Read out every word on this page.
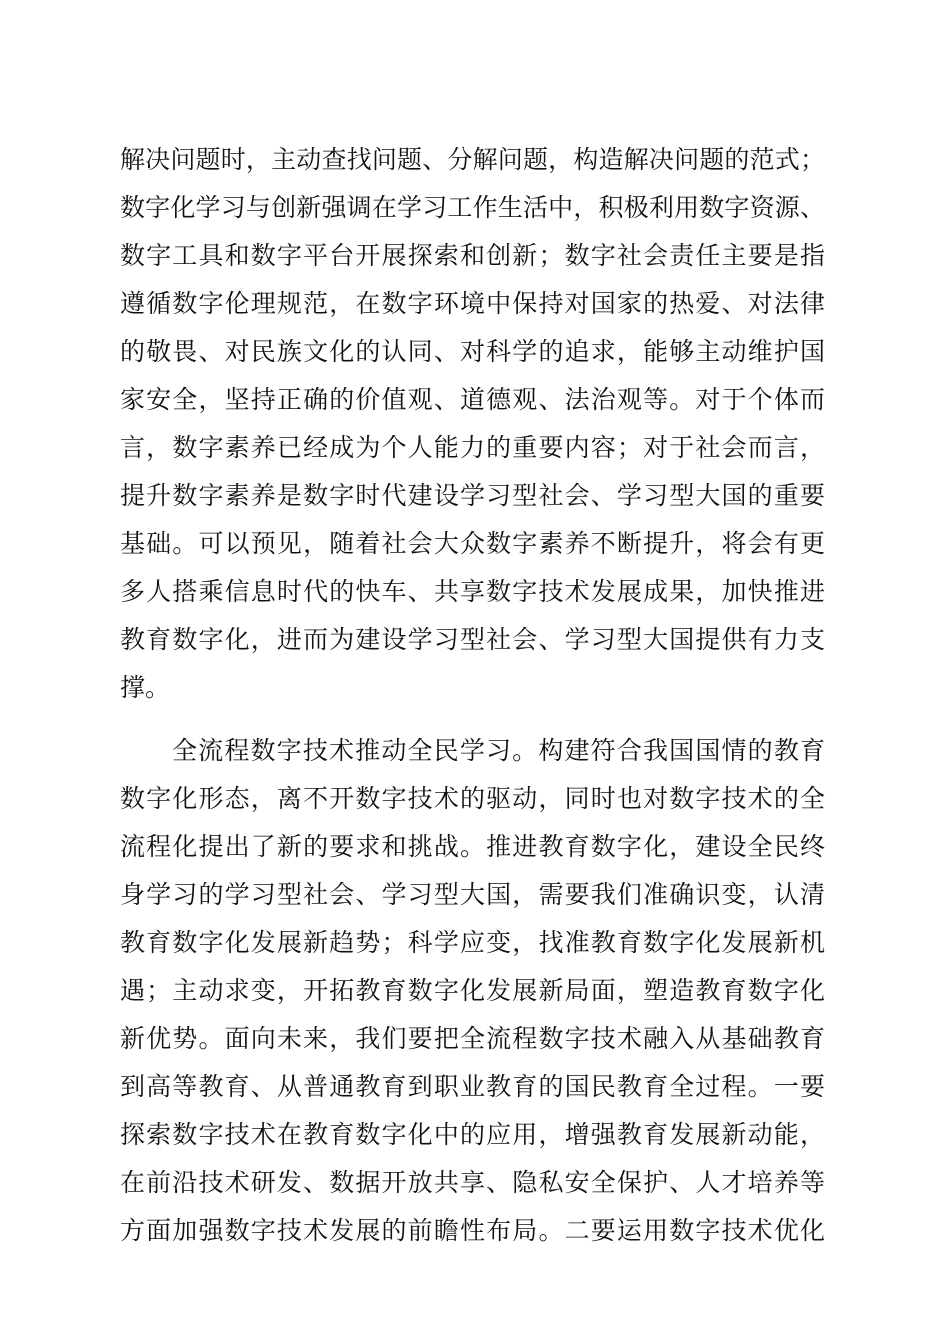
解决问题时，主动查找问题、分解问题，构造解决问题的范式；
数字化学习与创新强调在学习工作生活中，积极利用数字资源、
数字工具和数字平台开展探索和创新；数字社会责任主要是指
遵循数字伦理规范，在数字环境中保持对国家的热爱、对法律
的敬畏、对民族文化的认同、对科学的追求，能够主动维护国
家安全，坚持正确的价值观、道德观、法治观等。对于个体而
言，数字素养已经成为个人能力的重要内容；对于社会而言，
提升数字素养是数字时代建设学习型社会、学习型大国的重要
基础。可以预见，随着社会大众数字素养不断提升，将会有更
多人搭乘信息时代的快车、共享数字技术发展成果，加快推进
教育数字化，进而为建设学习型社会、学习型大国提供有力支
撑。
全流程数字技术推动全民学习。构建符合我国国情的教育
数字化形态，离不开数字技术的驱动，同时也对数字技术的全
流程化提出了新的要求和挑战。推进教育数字化，建设全民终
身学习的学习型社会、学习型大国，需要我们准确识变，认清
教育数字化发展新趋势；科学应变，找准教育数字化发展新机
遇；主动求变，开拓教育数字化发展新局面，塑造教育数字化
新优势。面向未来，我们要把全流程数字技术融入从基础教育
到高等教育、从普通教育到职业教育的国民教育全过程。一要
探索数字技术在教育数字化中的应用，增强教育发展新动能，
在前沿技术研发、数据开放共享、隐私安全保护、人才培养等
方面加强数字技术发展的前瞻性布局。二要运用数字技术优化
